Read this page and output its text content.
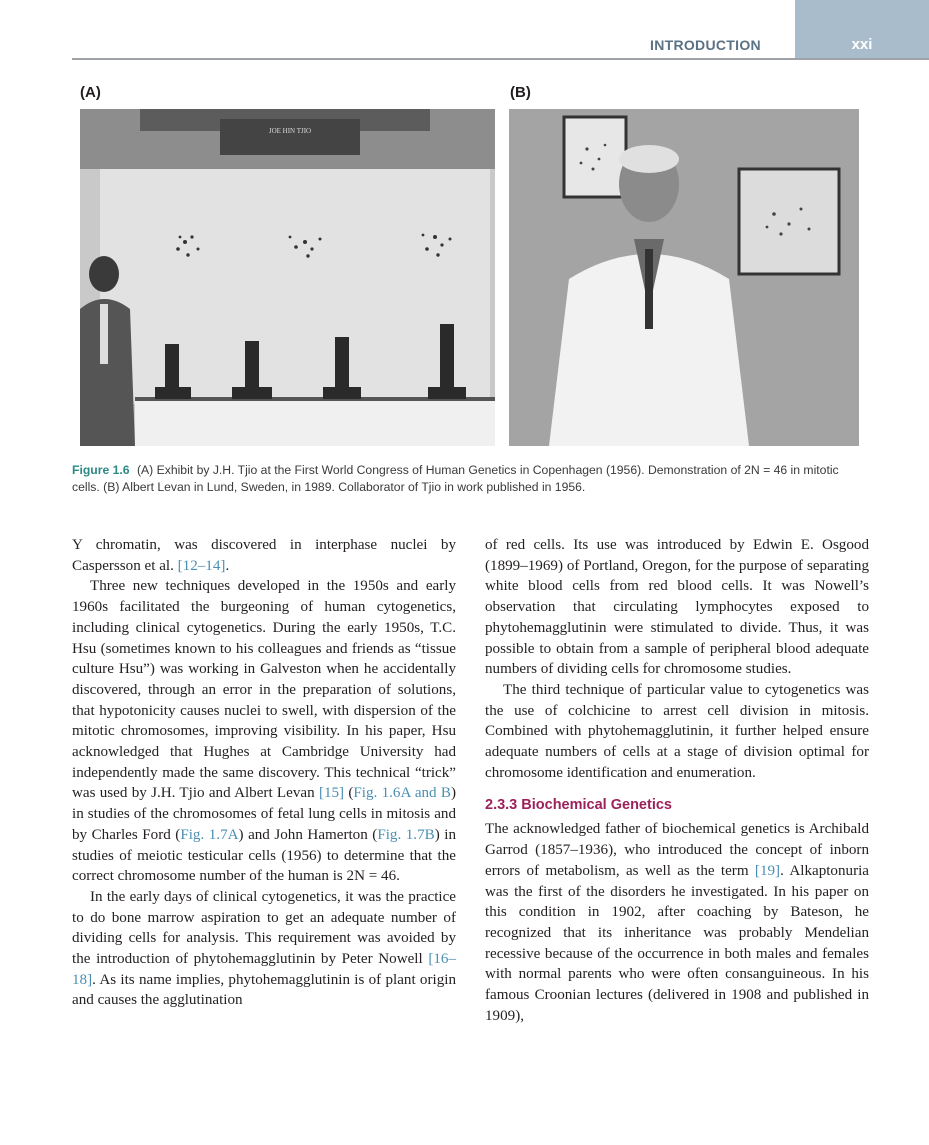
INTRODUCTION	xxi
(A)	(B)
JOE HIN TJIO
Figure 1.6 (A) Exhibit by J.H. Tjio at the First World Congress of Human Genetics in Copenhagen (1956). Demonstration of 2N = 46 in mitotic cells. (B) Albert Levan in Lund, Sweden, in 1989. Collaborator of Tjio in work published in 1956.

Y chromatin, was discovered in interphase nuclei by Caspersson et al. [12–14].

Three new techniques developed in the 1950s and early 1960s facilitated the burgeoning of human cytogenetics, including clinical cytogenetics. During the early 1950s, T.C. Hsu (sometimes known to his colleagues and friends as “tissue culture Hsu”) was working in Galveston when he accidentally discovered, through an error in the preparation of solutions, that hypotonicity causes nuclei to swell, with dispersion of the mitotic chromosomes, improving visibility. In his paper, Hsu acknowledged that Hughes at Cambridge University had independently made the same discovery. This technical “trick” was used by J.H. Tjio and Albert Levan [15] (Fig. 1.6A and B) in studies of the chromosomes of fetal lung cells in mitosis and by Charles Ford (Fig. 1.7A) and John Hamerton (Fig. 1.7B) in studies of meiotic testicular cells (1956) to determine that the correct chromosome number of the human is 2N = 46.

In the early days of clinical cytogenetics, it was the practice to do bone marrow aspiration to get an adequate number of dividing cells for analysis. This requirement was avoided by the introduction of phytohemagglutinin by Peter Nowell [16–18]. As its name implies, phytohemagglutinin is of plant origin and causes the agglutination

of red cells. Its use was introduced by Edwin E. Osgood (1899–1969) of Portland, Oregon, for the purpose of separating white blood cells from red blood cells. It was Nowell’s observation that circulating lymphocytes exposed to phytohemagglutinin were stimulated to divide. Thus, it was possible to obtain from a sample of peripheral blood adequate numbers of dividing cells for chromosome studies.

The third technique of particular value to cytogenetics was the use of colchicine to arrest cell division in mitosis. Combined with phytohemagglutinin, it further helped ensure adequate numbers of cells at a stage of division optimal for chromosome identification and enumeration.

2.3.3 Biochemical Genetics

The acknowledged father of biochemical genetics is Archibald Garrod (1857–1936), who introduced the concept of inborn errors of metabolism, as well as the term [19]. Alkaptonuria was the first of the disorders he investigated. In his paper on this condition in 1902, after coaching by Bateson, he recognized that its inheritance was probably Mendelian recessive because of the occurrence in both males and females with normal parents who were often consanguineous. In his famous Croonian lectures (delivered in 1908 and published in 1909),
